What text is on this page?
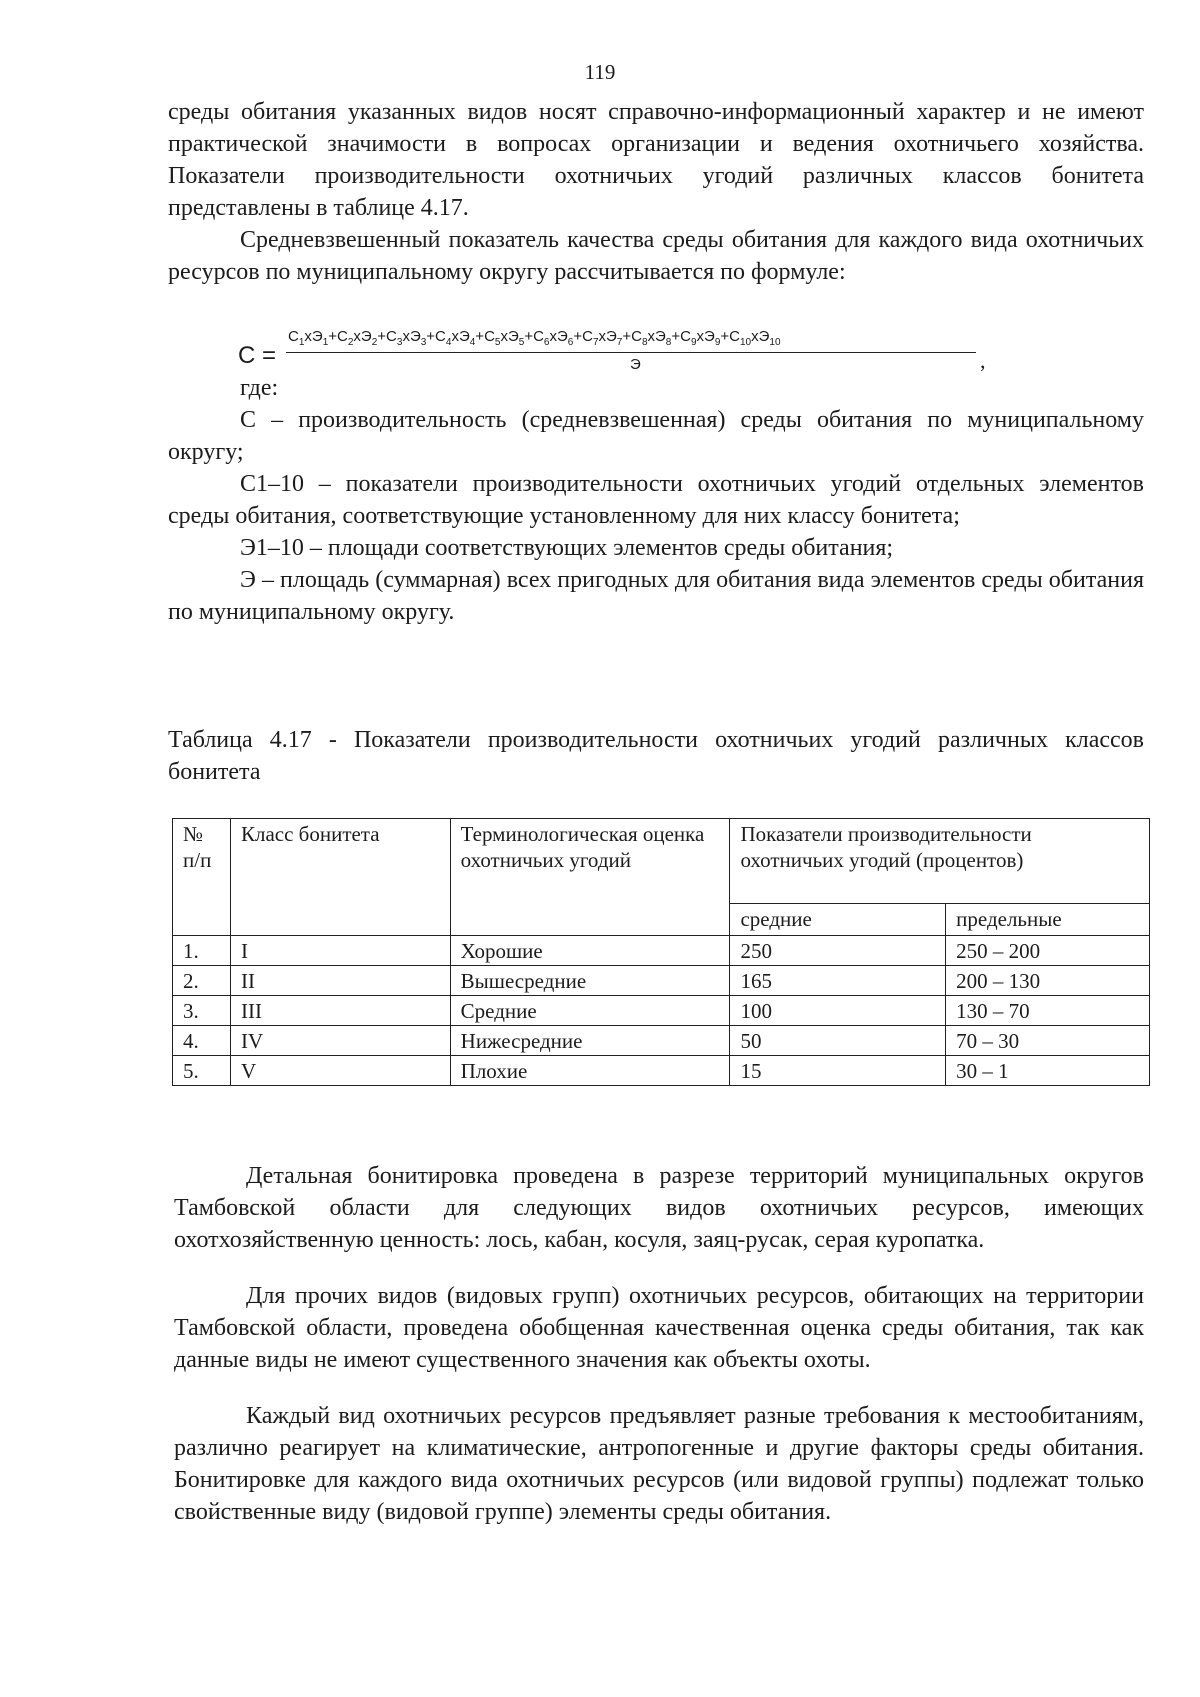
119

среды обитания указанных видов носят справочно-информационный характер и не имеют практической значимости в вопросах организации и ведения охотничьего хозяйства. Показатели производительности охотничьих угодий различных классов бонитета представлены в таблице 4.17.

Средневзвешенный показатель качества среды обитания для каждого вида охотничьих ресурсов по муниципальному округу рассчитывается по формуле:

С =
$С_1хЭ_1+С_2хЭ_2+С_3хЭ_3+С_4хЭ_4+С_5хЭ_5+С_6хЭ_6+С_7хЭ_7+С_8хЭ_8+С_9хЭ_9+С_{10}хЭ_{10}$
Э	,

где:

С – производительность (средневзвешенная) среды обитания по муниципальному округу;

С1–10 – показатели производительности охотничьих угодий отдельных элементов среды обитания, соответствующие установленному для них классу бонитета;

Э1–10 – площади соответствующих элементов среды обитания;

Э – площадь (суммарная) всех пригодных для обитания вида элементов среды обитания по муниципальному округу.

Таблица 4.17 - Показатели производительности охотничьих угодий различных классов бонитета
№ п/п	Класс бонитета	Терминологическая оценка охотничьих угодий	Показатели производительности охотничьих угодий (процентов)	
			средние	предельные
1.	I	Хорошие	250	250 – 200
2.	II	Вышесредние	165	200 – 130
3.	III	Средние	100	130 – 70
4.	IV	Нижесредние	50	70 – 30
5.	V	Плохие	15	30 – 1

Детальная бонитировка проведена в разрезе территорий муниципальных округов Тамбовской области для следующих видов охотничьих ресурсов, имеющих охотхозяйственную ценность: лось, кабан, косуля, заяц-русак, серая куропатка.

Для прочих видов (видовых групп) охотничьих ресурсов, обитающих на территории Тамбовской области, проведена обобщенная качественная оценка среды обитания, так как данные виды не имеют существенного значения как объекты охоты.

Каждый вид охотничьих ресурсов предъявляет разные требования к местообитаниям, различно реагирует на климатические, антропогенные и другие факторы среды обитания. Бонитировке для каждого вида охотничьих ресурсов (или видовой группы) подлежат только свойственные виду (видовой группе) элементы среды обитания.
